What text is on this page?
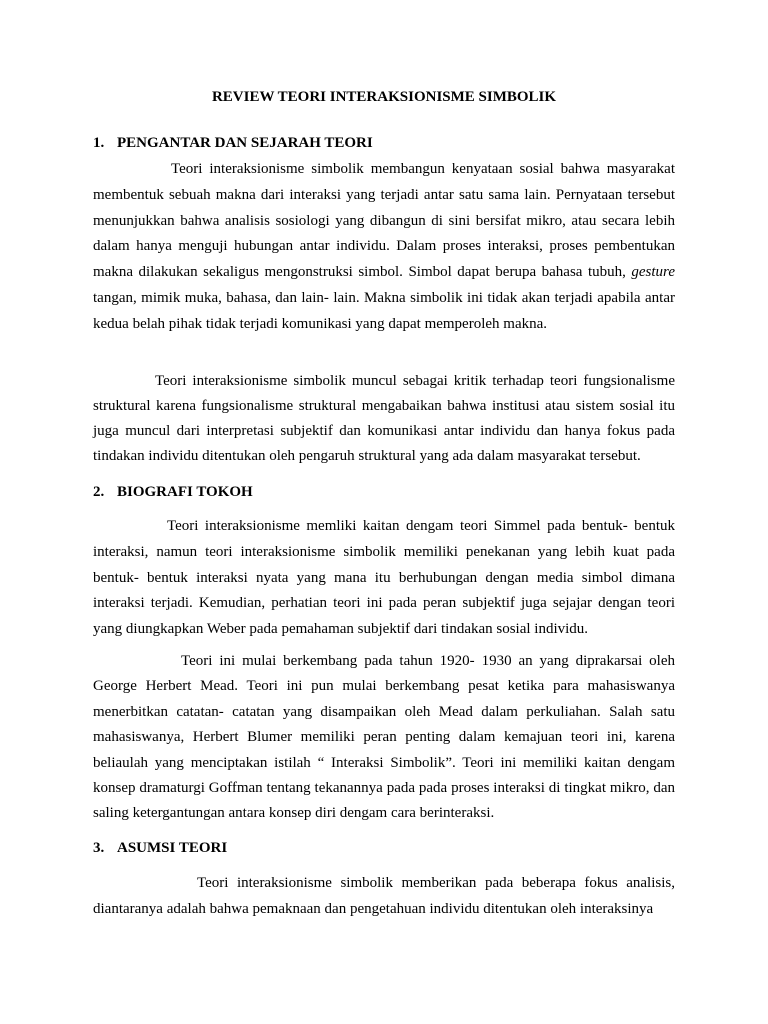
REVIEW TEORI INTERAKSIONISME SIMBOLIK
1. PENGANTAR DAN SEJARAH TEORI

Teori interaksionisme simbolik membangun kenyataan sosial bahwa masyarakat membentuk sebuah makna dari interaksi yang terjadi antar satu sama lain. Pernyataan tersebut menunjukkan bahwa analisis sosiologi yang dibangun di sini bersifat mikro, atau secara lebih dalam hanya menguji hubungan antar individu. Dalam proses interaksi, proses pembentukan makna dilakukan sekaligus mengonstruksi simbol. Simbol dapat berupa bahasa tubuh, gesture tangan, mimik muka, bahasa, dan lain- lain. Makna simbolik ini tidak akan terjadi apabila antar kedua belah pihak tidak terjadi komunikasi yang dapat memperoleh makna.

Teori interaksionisme simbolik muncul sebagai kritik terhadap teori fungsionalisme struktural karena fungsionalisme struktural mengabaikan bahwa institusi atau sistem sosial itu juga muncul dari interpretasi subjektif dan komunikasi antar individu dan hanya fokus pada tindakan individu ditentukan oleh pengaruh struktural yang ada dalam masyarakat tersebut.

2. BIOGRAFI TOKOH

Teori interaksionisme memliki kaitan dengam teori Simmel pada bentuk- bentuk interaksi, namun teori interaksionisme simbolik memiliki penekanan yang lebih kuat pada bentuk- bentuk interaksi nyata yang mana itu berhubungan dengan media simbol dimana interaksi terjadi. Kemudian, perhatian teori ini pada peran subjektif juga sejajar dengan teori yang diungkapkan Weber pada pemahaman subjektif dari tindakan sosial individu.

Teori ini mulai berkembang pada tahun 1920- 1930 an yang diprakarsai oleh George Herbert Mead. Teori ini pun mulai berkembang pesat ketika para mahasiswanya menerbitkan catatan- catatan yang disampaikan oleh Mead dalam perkuliahan. Salah satu mahasiswanya, Herbert Blumer memiliki peran penting dalam kemajuan teori ini, karena beliaulah yang menciptakan istilah “ Interaksi Simbolik”. Teori ini memiliki kaitan dengam konsep dramaturgi Goffman tentang tekanannya pada pada proses interaksi di tingkat mikro, dan saling ketergantungan antara konsep diri dengam cara berinteraksi.

3. ASUMSI TEORI

Teori interaksionisme simbolik memberikan pada beberapa fokus analisis, diantaranya adalah bahwa pemaknaan dan pengetahuan individu ditentukan oleh interaksinya
